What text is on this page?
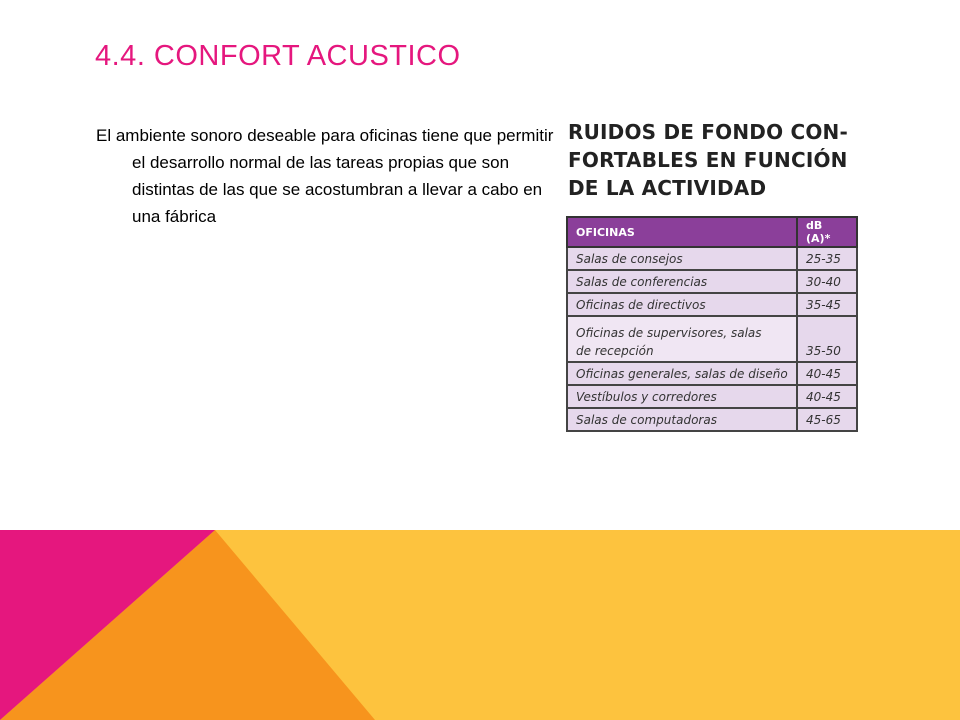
4.4. CONFORT ACUSTICO
El ambiente sonoro deseable para oficinas tiene que permitir el desarrollo normal de las tareas propias que son distintas de las que se acostumbran a llevar a cabo en una fábrica
RUIDOS DE FONDO CON-
FORTABLES EN FUNCIÓN
DE LA ACTIVIDAD
OFICINAS	dB (A)*
Salas de consejos	25-35
Salas de conferencias	30-40
Oficinas de directivos	35-45
Oficinas de supervisores, salas
de recepción	35-50
Oficinas generales, salas de diseño	40-45
Vestíbulos y corredores	40-45
Salas de computadoras	45-65
